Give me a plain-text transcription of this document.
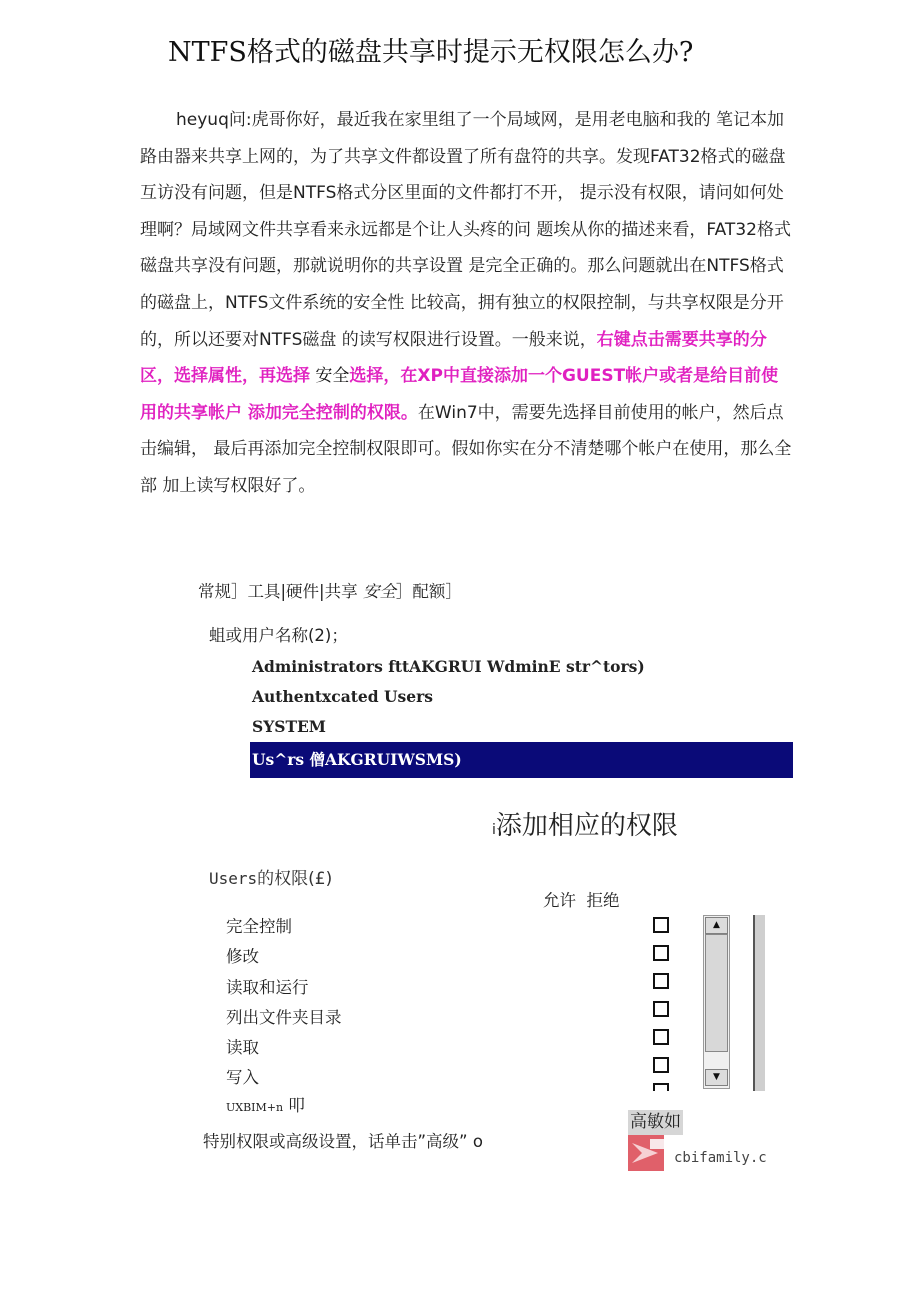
NTFS格式的磁盘共享时提示无权限怎么办?

heyuq问:虎哥你好，最近我在家里组了一个局域网，是用老电脑和我的 笔记本加路由器来共享上网的，为了共享文件都设置了所有盘符的共享。发现FAT32格式的磁盘互访没有问题，但是NTFS格式分区里面的文件都打不开， 提示没有权限，请问如何处理啊？局域网文件共享看来永远都是个让人头疼的问 题埃从你的描述来看，FAT32格式磁盘共享没有问题，那就说明你的共享设置 是完全正确的。那么问题就出在NTFS格式的磁盘上，NTFS文件系统的安全性 比较高，拥有独立的权限控制，与共享权限是分开的，所以还要对NTFS磁盘 的读写权限进行设置。一般来说，右键点击需要共享的分区，选择属性，再选择 安全选择，在XP中直接添加一个GUEST帐户或者是给目前使用的共享帐户 添加完全控制的权限。在Win7中，需要先选择目前使用的帐户，然后点击编辑， 最后再添加完全控制权限即可。假如你实在分不清楚哪个帐户在使用，那么全部 加上读写权限好了。

常规］工具|硬件|共享 安全］配额］
蛆或用户名称(2)；
Administrators fttAKGRUI WdminE str^tors)
Authentxcated Users
SYSTEM
Us^rs 僧AKGRUIWSMS)
i添加相应的权限
Users的权限(£)
允许 拒绝
完全控制
修改
读取和运行
列出文件夹目录
读取
写入
UXBIM+n 叩
▲
▼
特别权限或高级设置，话单击”高级” o
高敏如
cbifamily.c
